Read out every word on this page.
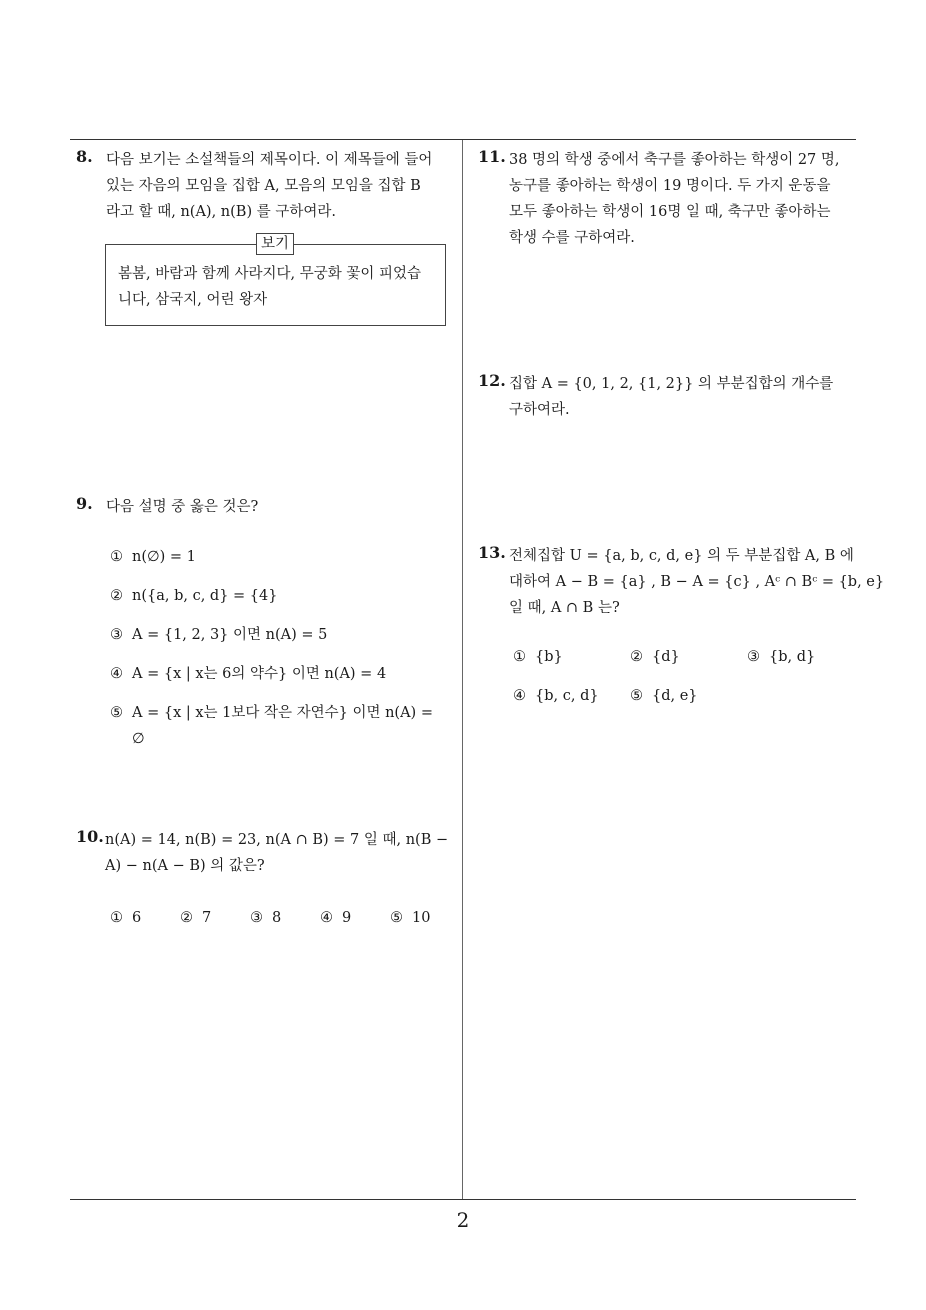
8. 다음 보기는 소설책들의 제목이다. 이 제목들에 들어

있는 자음의 모임을 집합 A, 모음의 모임을 집합 B

라고 할 때, n(A), n(B) 를 구하여라.

보기
봄봄, 바람과 함께 사라지다, 무궁화 꽃이 피었습
니다, 삼국지, 어린 왕자
9. 다음 설명 중 옳은 것은?

① n(∅) = 1
② n({a, b, c, d} = {4}
③ A = {1, 2, 3} 이면 n(A) = 5
④ A = {x | x는 6의 약수} 이면 n(A) = 4
⑤ A = {x | x는 1보다 작은 자연수} 이면 n(A) =
∅
10. n(A) = 14, n(B) = 23, n(A ∩ B) = 7 일 때, n(B −

A) − n(A − B) 의 값은?

① 6	② 7	③ 8	④ 9	⑤ 10
11. 38 명의 학생 중에서 축구를 좋아하는 학생이 27 명,

농구를 좋아하는 학생이 19 명이다. 두 가지 운동을

모두 좋아하는 학생이 16명 일 때, 축구만 좋아하는

학생 수를 구하여라.

12. 집합 A = {0, 1, 2, {1, 2}} 의 부분집합의 개수를

구하여라.

13. 전체집합 U = {a, b, c, d, e} 의 두 부분집합 A, B 에

대하여 A − B = {a} , B − A = {c} , Aᶜ ∩ Bᶜ = {b, e}

일 때, A ∩ B 는?

① {b}	② {d}	③ {b, d}
④ {b, c, d} ⑤ {d, e}
2
